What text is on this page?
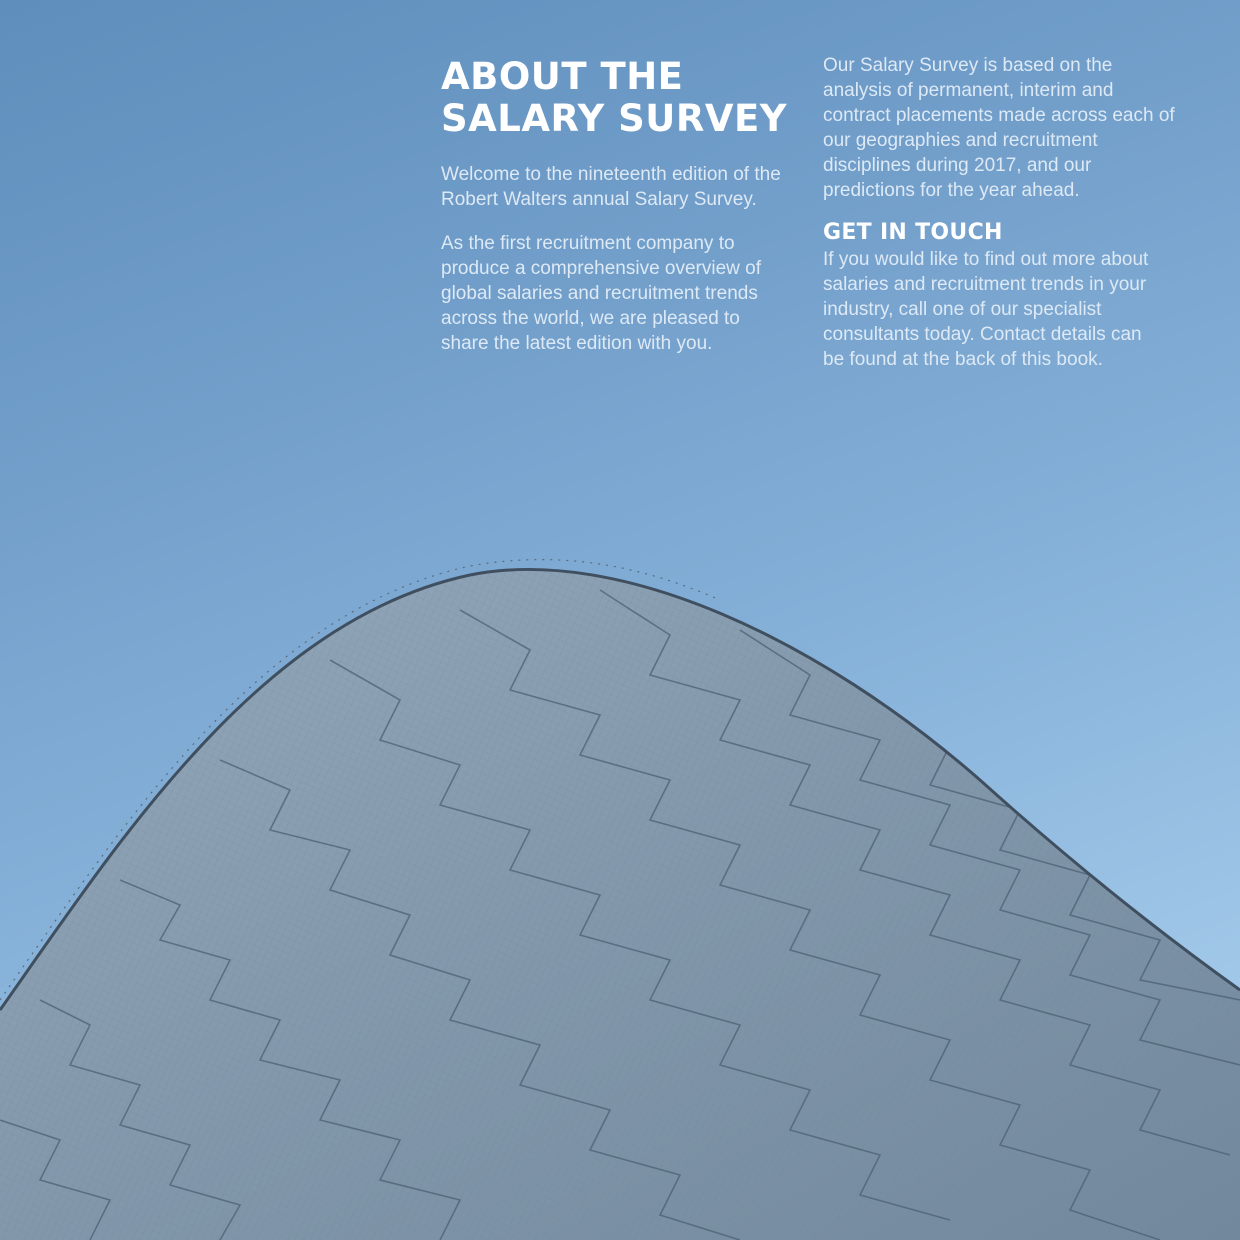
ABOUT THE
SALARY SURVEY

Welcome to the nineteenth edition of the Robert Walters annual Salary Survey.

As the first recruitment company to produce a comprehensive overview of global salaries and recruitment trends across the world, we are pleased to share the latest edition with you.

Our Salary Survey is based on the analysis of permanent, interim and contract placements made across each of our geographies and recruitment disciplines during 2017, and our predictions for the year ahead.

GET IN TOUCH

If you would like to find out more about salaries and recruitment trends in your industry, call one of our specialist consultants today. Contact details can be found at the back of this book.
